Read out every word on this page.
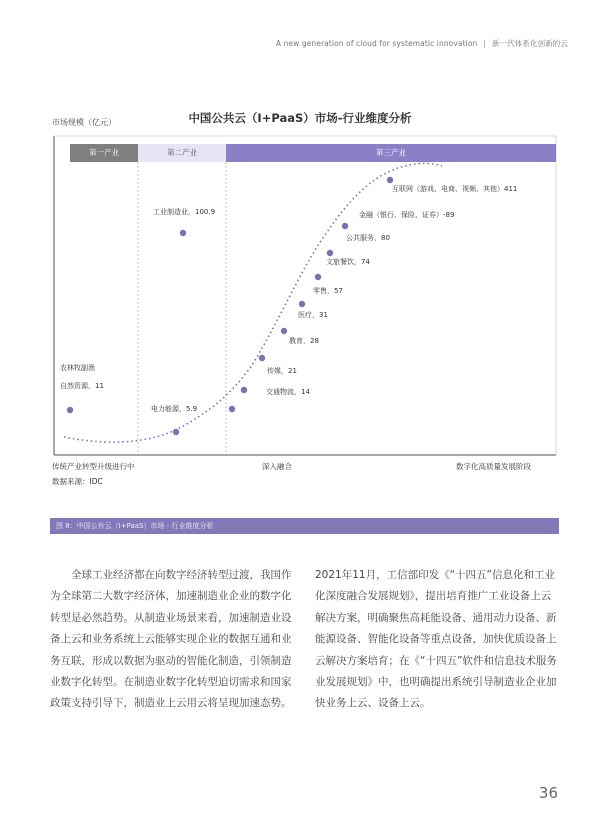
A new generation of cloud for systematic innovation | 新一代体系化创新的云
市场规模（亿元）	中国公共云（I+PaaS）市场-行业维度分析
第一产业	第二产业	第三产业
农林牧副渔
自然资源，11
电力能源，5.9
工业制造业，100.9
交通物流，14
传媒，21
教育，28
医疗，31
零售，57
文旅餐饮，74
公共服务，80
金融（银行、保险、证券）-89
互联网（游戏、电商、视频、其他）411
传统产业转型升级进行中	深入融合	数字化高质量发展阶段
数据来源：IDC
图 8：中国公有云（I+PaaS）市场 - 行业维度分析
全球工业经济都在向数字经济转型过渡，我国作为全球第二大数字经济体，加速制造业企业的数字化转型是必然趋势。从制造业场景来看，加速制造业设备上云和业务系统上云能够实现企业的数据互通和业务互联，形成以数据为驱动的智能化制造，引领制造业数字化转型。在制造业数字化转型迫切需求和国家政策支持引导下，制造业上云用云将呈现加速态势。
2021年11月，工信部印发《“十四五”信息化和工业化深度融合发展规划》，提出培育推广工业设备上云解决方案，明确聚焦高耗能设备、通用动力设备、新能源设备、智能化设备等重点设备，加快优质设备上云解决方案培育；在《“十四五”软件和信息技术服务业发展规划》中，也明确提出系统引导制造业企业加快业务上云、设备上云。
36
